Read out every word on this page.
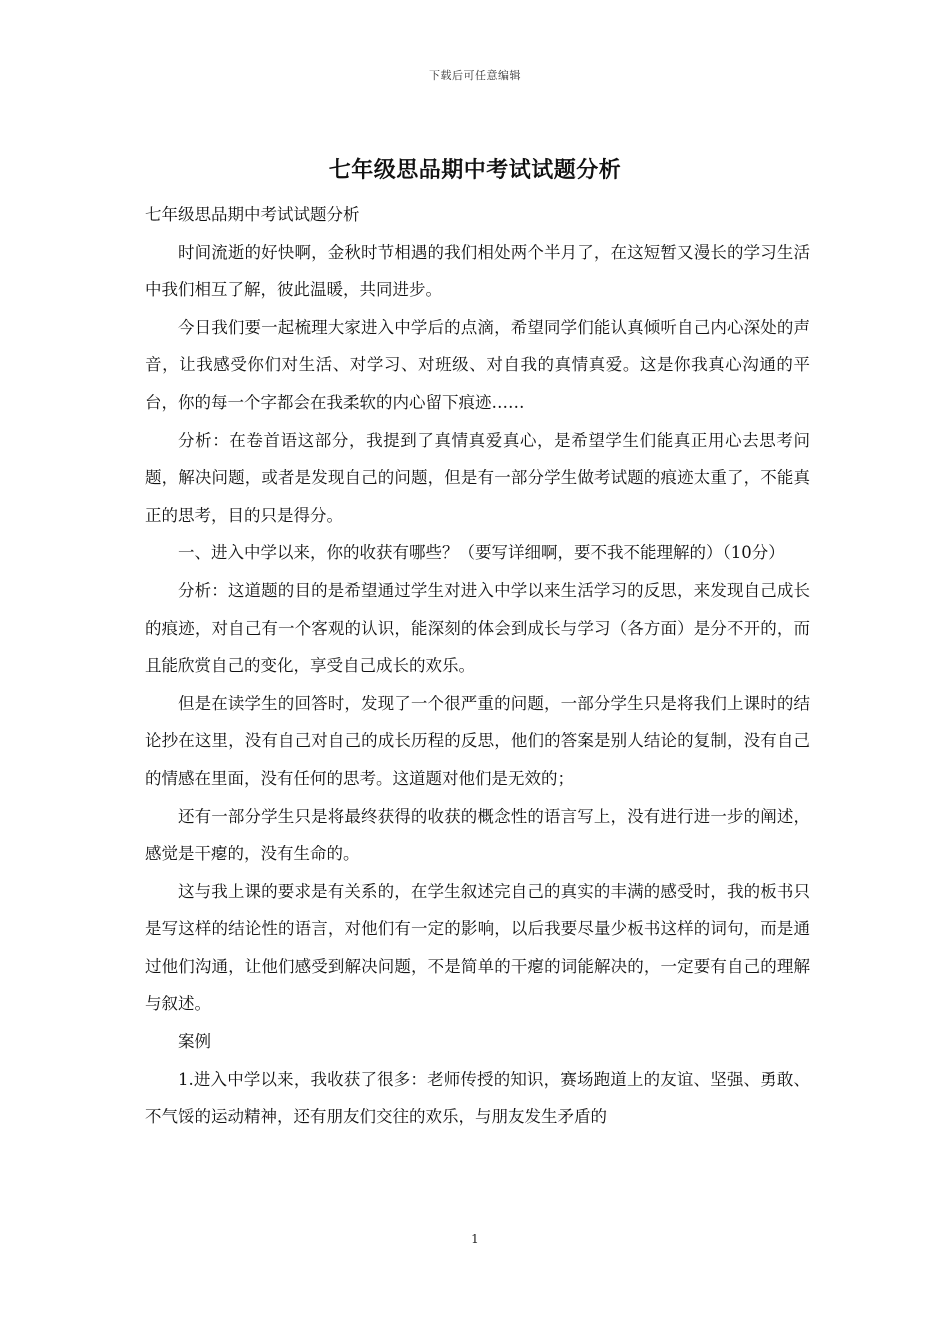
下载后可任意编辑
七年级思品期中考试试题分析

七年级思品期中考试试题分析

时间流逝的好快啊，金秋时节相遇的我们相处两个半月了，在这短暂又漫长的学习生活中我们相互了解，彼此温暖，共同进步。

今日我们要一起梳理大家进入中学后的点滴，希望同学们能认真倾听自己内心深处的声音，让我感受你们对生活、对学习、对班级、对自我的真情真爱。这是你我真心沟通的平台，你的每一个字都会在我柔软的内心留下痕迹……

分析：在卷首语这部分，我提到了真情真爱真心，是希望学生们能真正用心去思考问题，解决问题，或者是发现自己的问题，但是有一部分学生做考试题的痕迹太重了，不能真正的思考，目的只是得分。

一、进入中学以来，你的收获有哪些？（要写详细啊，要不我不能理解的）（10分）

分析：这道题的目的是希望通过学生对进入中学以来生活学习的反思，来发现自己成长的痕迹，对自己有一个客观的认识，能深刻的体会到成长与学习（各方面）是分不开的，而且能欣赏自己的变化，享受自己成长的欢乐。

但是在读学生的回答时，发现了一个很严重的问题，一部分学生只是将我们上课时的结论抄在这里，没有自己对自己的成长历程的反思，他们的答案是别人结论的复制，没有自己的情感在里面，没有任何的思考。这道题对他们是无效的；

还有一部分学生只是将最终获得的收获的概念性的语言写上，没有进行进一步的阐述，感觉是干瘪的，没有生命的。

这与我上课的要求是有关系的，在学生叙述完自己的真实的丰满的感受时，我的板书只是写这样的结论性的语言，对他们有一定的影响，以后我要尽量少板书这样的词句，而是通过他们沟通，让他们感受到解决问题，不是简单的干瘪的词能解决的，一定要有自己的理解与叙述。

案例

1.进入中学以来，我收获了很多：老师传授的知识，赛场跑道上的友谊、坚强、勇敢、不气馁的运动精神，还有朋友们交往的欢乐，与朋友发生矛盾的

1
